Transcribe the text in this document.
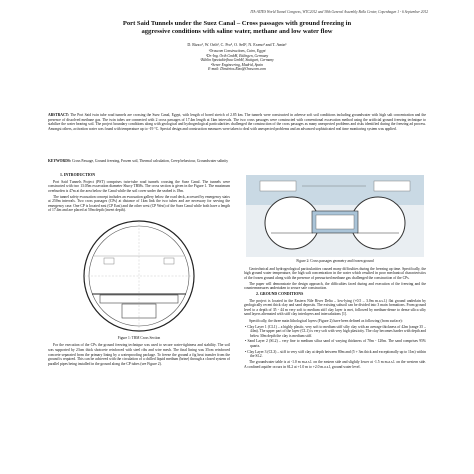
ITA-AITES World Tunnel Congress, WTC2012 and 38th General Assembly Bella Center, Copenhagen 1 - 6 September 2012
Port Said Tunnels under the Suez Canal – Cross passages with ground freezing in
aggressive conditions with saline water, methane and low water flow
D. Rizzo¹, W. Orth², C. Pro², O. Sell², N. Exeno² and T. Amin¹
¹Orascom Constructions, Cairo, Egypt
²Dr.-Ing. Orth GmbH, Ettlingen, Germany
³Züblin Spezialtiefbau GmbH, Stuttgart, Germany
⁴Sener Engineering, Madrid, Spain
E-mail: Dimitrios.Rizo@Orascom.com
ABSTRACT: The Port Said twin tube road tunnels are crossing the Suez Canal, Egypt, with length of bored stretch of 2.85 km. The tunnels were constructed in adverse soft soil conditions including groundwater with high salt concentration and the presence of dissolved methane gas. The twin tubes are connected with 2 cross passages of 17.4m length at 1km intervals. The two cross passages were constructed with conventional excavation method using the artificial ground freezing technique to stabilize the water bearing soil. The project boundary conditions along with geological and hydrogeological particularities challenged the construction of the cross passages as many unexpected problems and risks identified during the freezing ad process. Amongst others, activation water was found with temperature up to -19 °C. Special design and construction measures were taken to deal with unexpected problems and an advanced sophisticated real time monitoring system was applied.
KEYWORDS: Cross Passage, Ground freezing, Frozen soil, Thermal calculation, Creep behaviour, Groundwater salinity
1. INTRODUCTION

Port Said Tunnels Project (PST) comprises twin-tube road tunnels crossing the Suez Canal. The tunnels were constructed with two 13.05m excavation diameter Slurry TBMs. The cross section is given in the Figure 1. The maximum overburden is 47m at the area below the Canal while the soil cover under the seabed is 18m.

The tunnel safety evacuation concept includes an evacuation gallery below the road deck, accessed by emergency stairs at 250m intervals. Two cross passages (CPs) at distance of 1km link the two tubes and are necessary for serving the emergency case. One CP is located east (CP East) and the other west (CP West) of the Suez Canal while both have a length of 17.4m and are placed at 50m depth (invert depth).

Figure 1: TBM Cross Section

For the execution of the CPs the ground freezing technique was used to secure water-tightness and stability. The soil was supported by 23cm thick shotcrete reinforced with steel ribs and wire mesh. The final lining was 35cm reinforced concrete separated from the primary lining by a waterproofing package. To freeze the ground a fig heat transfer from the ground is required. This can be achieved with the circulation of a chilled liquid medium (brine) through a closed system of parallel pipes being installed in the ground along the CP tubes (see Figure 2).

Figure 2: Cross passages geometry and frozen ground

Geotechnical and hydrogeological particularities caused many difficulties during the freezing up time. Specifically, the high ground water temperature, the high salt concentration in the water which resulted in poor mechanical characteristics of the frozen ground along with the presence of pressurised methane gas challenged the construction of the CPs.

The paper will demonstrate the design approach, the difficulties faced during and execution of the freezing and the countermeasures undertaken to secure safe construction.

2. GROUND CONDITIONS

The project is located in the Eastern Nile River Delta – low-lying (+0.5 – 3.0m m.a.s.l.) flat ground underlain by geologically recent thick clay and sand deposits. The existing subsoil can be divided into 3 main formations. From ground level to a depth of 35 - 44 m very soft to medium stiff clay layer is met, followed by medium-dense to dense silica silty sand layers alternated with stiff clay interlayers and intercalations [1].

Specifically, the three main lithological layers (Figure 2) have been defined as following (from surface):

• Clay Layer 1 (CL1) – a highly plastic, very soft to medium stiff silty clay with an average thickness of 42m (range 35 – 44m). The upper part of the layer (CL1) is very soft with very high plasticity. The clay becomes harder with depth and below 30m depth the clay is medium stiff.
• Sand Layer 2 (SL2) – very fine to medium silica sand of varying thickness of 70m - 120m. The sand comprises 95% quartz.
• Clay Layer 3 (CL3) – stiff to very stiff clay at depth between 80m and (5 + 3m thick and exceptionally up to 11m) within the SL2.

The groundwater table is at -1.0 m m.a.s.l. on the eastern side and slightly lower at -1.5 m m.a.s.l. on the western side. A confined aquifer occurs in SL2 at +1.0 m to +2.0 m.a.s.l, ground water level.
